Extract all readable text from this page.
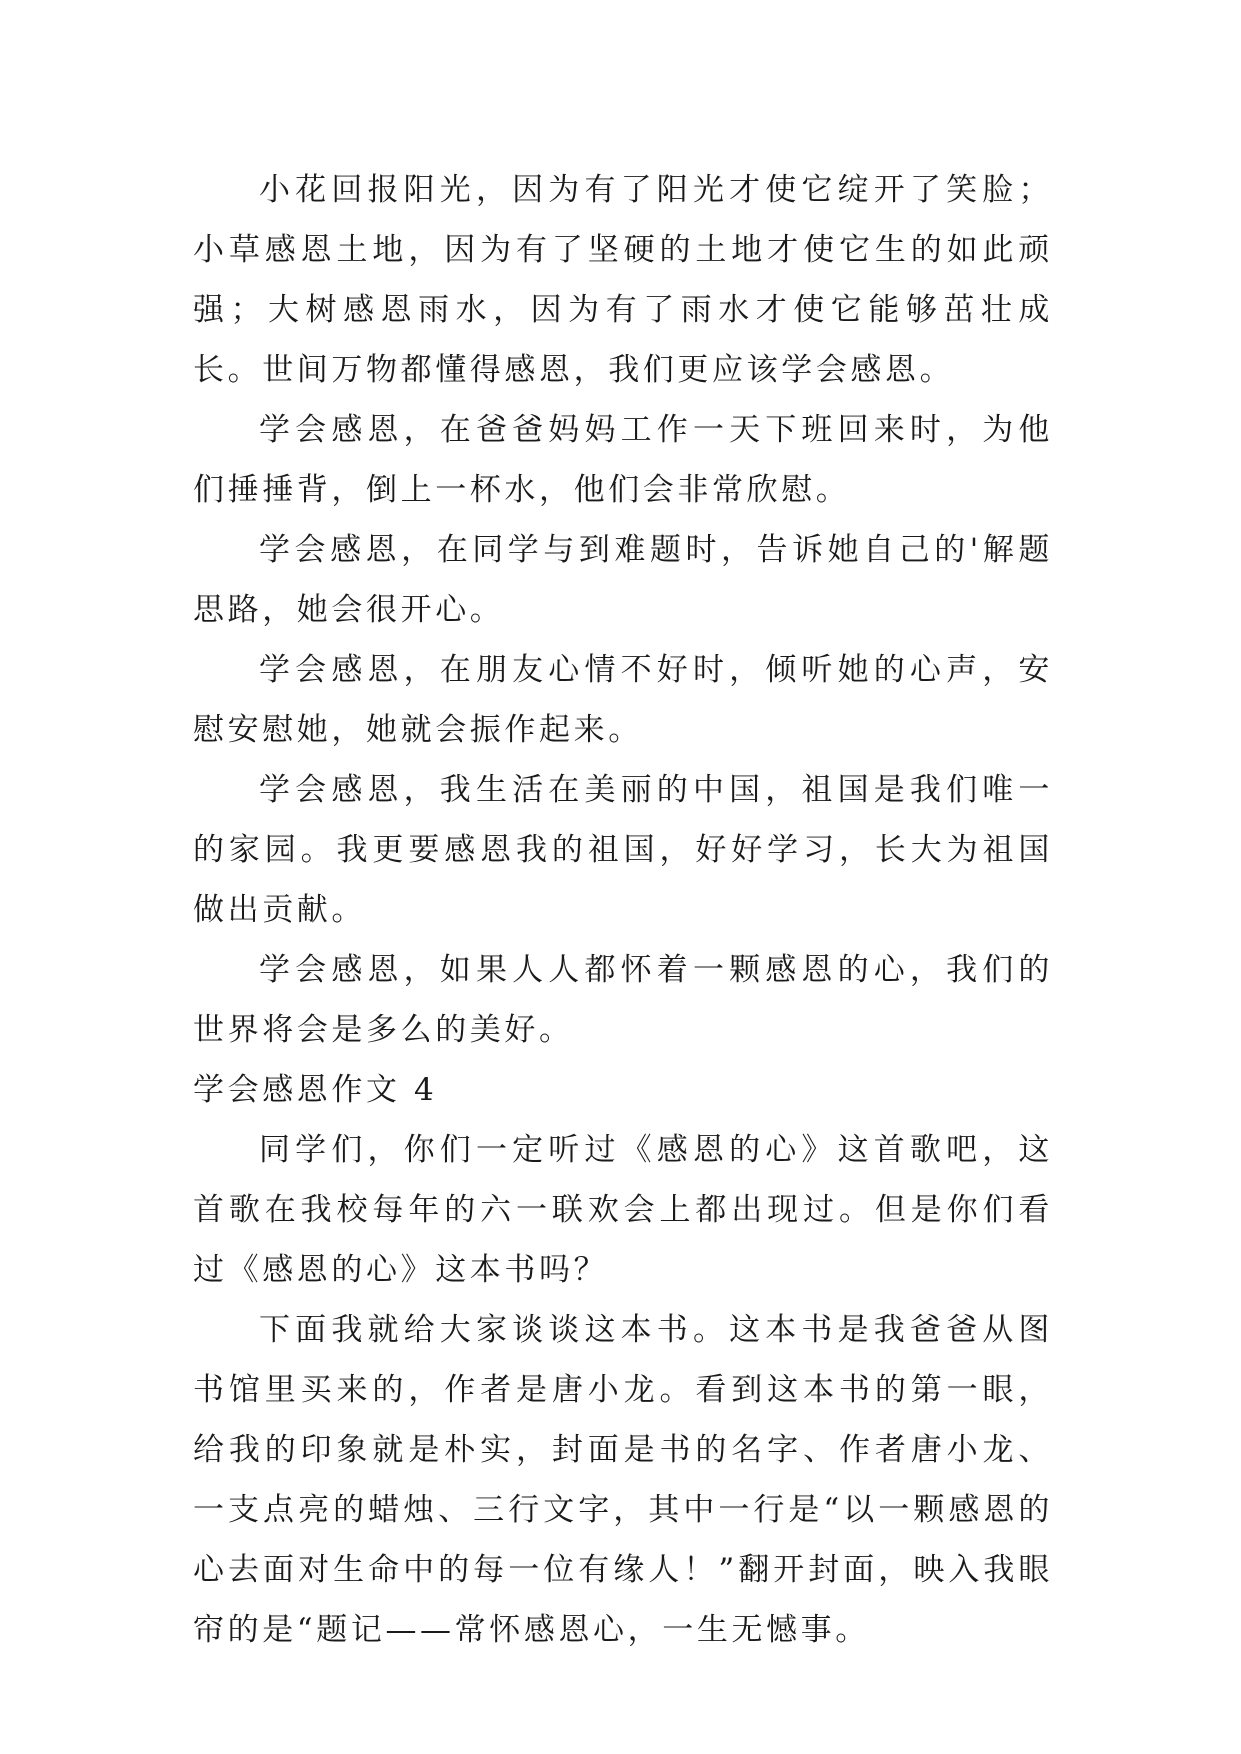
小花回报阳光，因为有了阳光才使它绽开了笑脸；小草感恩土地，因为有了坚硬的土地才使它生的如此顽强；大树感恩雨水，因为有了雨水才使它能够茁壮成长。世间万物都懂得感恩，我们更应该学会感恩。

学会感恩，在爸爸妈妈工作一天下班回来时，为他们捶捶背，倒上一杯水，他们会非常欣慰。

学会感恩，在同学与到难题时，告诉她自己的'解题思路，她会很开心。

学会感恩，在朋友心情不好时，倾听她的心声，安慰安慰她，她就会振作起来。

学会感恩，我生活在美丽的中国，祖国是我们唯一的家园。我更要感恩我的祖国，好好学习，长大为祖国做出贡献。

学会感恩，如果人人都怀着一颗感恩的心，我们的世界将会是多么的美好。

学会感恩作文 4

同学们，你们一定听过《感恩的心》这首歌吧，这首歌在我校每年的六一联欢会上都出现过。但是你们看过《感恩的心》这本书吗？

下面我就给大家谈谈这本书。这本书是我爸爸从图书馆里买来的，作者是唐小龙。看到这本书的第一眼，给我的印象就是朴实，封面是书的名字、作者唐小龙、一支点亮的蜡烛、三行文字，其中一行是“以一颗感恩的心去面对生命中的每一位有缘人！”翻开封面，映入我眼帘的是“题记——常怀感恩心，一生无憾事。
